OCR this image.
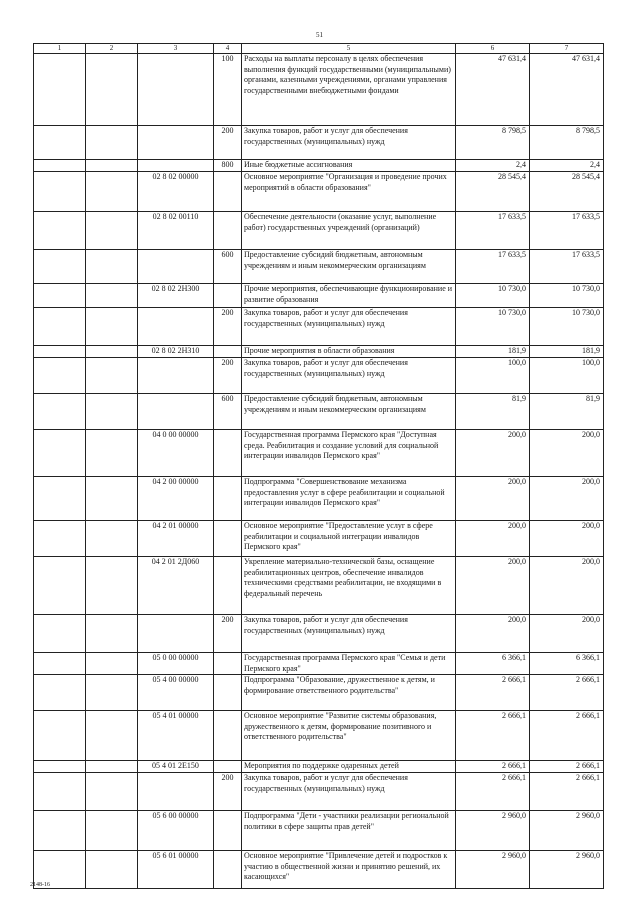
51
1	2	3	4	5	6	7
			100	Расходы на выплаты персоналу в целях обеспечения выполнения функций государственными (муниципальными) органами, казенными учреждениями, органами управления государственными внебюджетными фондами	47 631,4	47 631,4
			200	Закупка товаров, работ и услуг для обеспечения государственных (муниципальных) нужд	8 798,5	8 798,5
			800	Иные бюджетные ассигнования	2,4	2,4
		02 8 02 00000		Основное мероприятие "Организация и проведение прочих мероприятий в области образования"	28 545,4	28 545,4
		02 8 02 00110		Обеспечение деятельности (оказание услуг, выполнение работ) государственных учреждений (организаций)	17 633,5	17 633,5
			600	Предоставление субсидий бюджетным, автономным учреждениям и иным некоммерческим организациям	17 633,5	17 633,5
		02 8 02 2Н300		Прочие мероприятия, обеспечивающие функционирование и развитие образования	10 730,0	10 730,0
			200	Закупка товаров, работ и услуг для обеспечения государственных (муниципальных) нужд	10 730,0	10 730,0
		02 8 02 2Н310		Прочие мероприятия в области образования	181,9	181,9
			200	Закупка товаров, работ и услуг для обеспечения государственных (муниципальных) нужд	100,0	100,0
			600	Предоставление субсидий бюджетным, автономным учреждениям и иным некоммерческим организациям	81,9	81,9
		04 0 00 00000		Государственная программа Пермского края "Доступная среда. Реабилитация и создание условий для социальной интеграции инвалидов Пермского края"	200,0	200,0
		04 2 00 00000		Подпрограмма "Совершенствование механизма предоставления услуг в сфере реабилитации и социальной интеграции инвалидов Пермского края"	200,0	200,0
		04 2 01 00000		Основное мероприятие "Предоставление услуг в сфере реабилитации и социальной интеграции инвалидов Пермского края"	200,0	200,0
		04 2 01 2Д060		Укрепление материально-технической базы, оснащение реабилитационных центров, обеспечение инвалидов техническими средствами реабилитации, не входящими в федеральный перечень	200,0	200,0
			200	Закупка товаров, работ и услуг для обеспечения государственных (муниципальных) нужд	200,0	200,0
		05 0 00 00000		Государственная программа Пермского края "Семья и дети Пермского края"	6 366,1	6 366,1
		05 4 00 00000		Подпрограмма "Образование, дружественное к детям, и формирование ответственного родительства"	2 666,1	2 666,1
		05 4 01 00000		Основное мероприятие "Развитие системы образования, дружественного к детям, формирование позитивного и ответственного родительства"	2 666,1	2 666,1
		05 4 01 2Е150		Мероприятия по поддержке одаренных детей	2 666,1	2 666,1
			200	Закупка товаров, работ и услуг для обеспечения государственных (муниципальных) нужд	2 666,1	2 666,1
		05 6 00 00000		Подпрограмма "Дети - участники реализации региональной политики в сфере защиты прав детей"	2 960,0	2 960,0
		05 6 01 00000		Основное мероприятие "Привлечение детей и подростков к участию в общественной жизни и принятию решений, их касающихся"	2 960,0	2 960,0
2148-16
